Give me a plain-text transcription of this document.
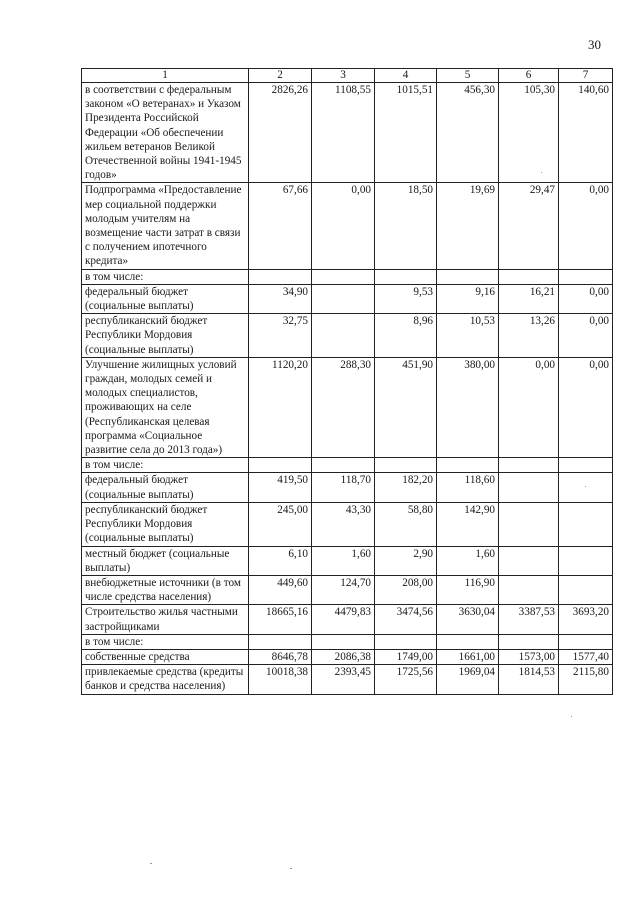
30
1	2	3	4	5	6	7
в соответствии с федеральным законом «О ветеранах» и Указом Президента Российской Федерации «Об обеспечении жильем ветеранов Великой Отечественной войны 1941-1945 годов»	2826,26	1108,55	1015,51	456,30	105,30	140,60
Подпрограмма «Предоставление мер социальной поддержки молодым учителям на возмещение части затрат в связи с получением ипотечного кредита»	67,66	0,00	18,50	19,69	29,47	0,00
в том числе:						
федеральный бюджет (социальные выплаты)	34,90		9,53	9,16	16,21	0,00
республиканский бюджет Республики Мордовия (социальные выплаты)	32,75		8,96	10,53	13,26	0,00
Улучшение жилищных условий граждан, молодых семей и молодых специалистов, проживающих на селе (Республиканская целевая программа «Социальное развитие села до 2013 года»)	1120,20	288,30	451,90	380,00	0,00	0,00
в том числе:						
федеральный бюджет (социальные выплаты)	419,50	118,70	182,20	118,60		
республиканский бюджет Республики Мордовия (социальные выплаты)	245,00	43,30	58,80	142,90		
местный бюджет (социальные выплаты)	6,10	1,60	2,90	1,60		
внебюджетные источники (в том числе средства населения)	449,60	124,70	208,00	116,90		
Строительство жилья частными застройщиками	18665,16	4479,83	3474,56	3630,04	3387,53	3693,20
в том числе:						
собственные средства	8646,78	2086,38	1749,00	1661,00	1573,00	1577,40
привлекаемые средства (кредиты банков и средства населения)	10018,38	2393,45	1725,56	1969,04	1814,53	2115,80
